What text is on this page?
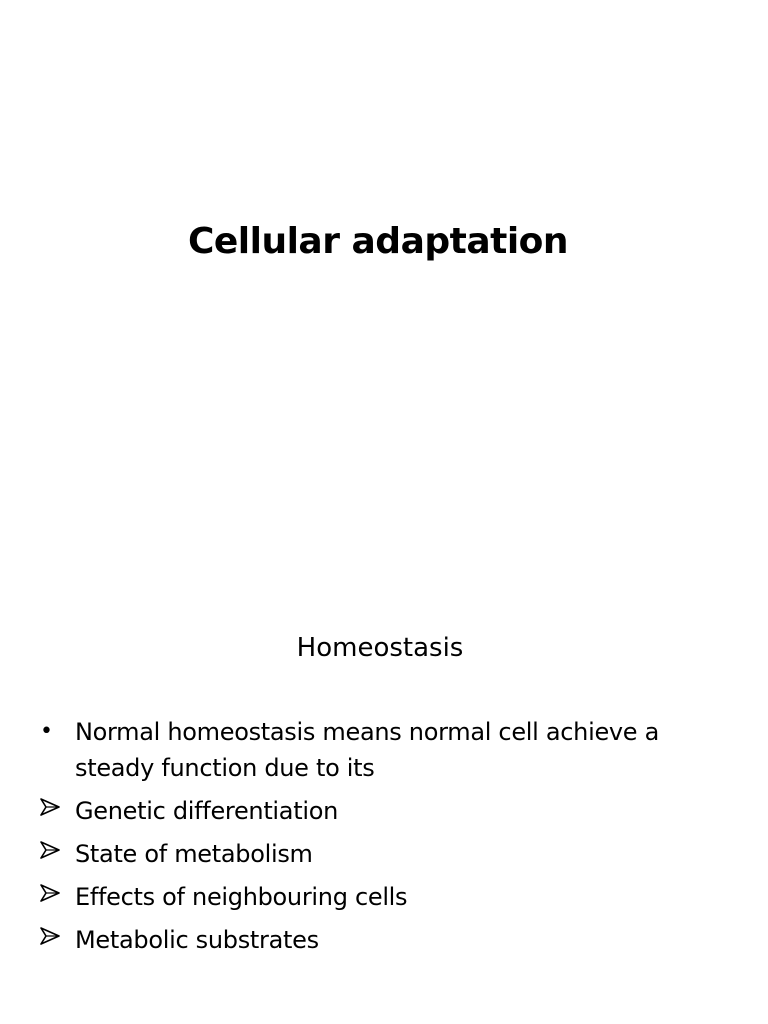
Cellular adaptation
Homeostasis
• Normal homeostasis means normal cell achieve a steady function due to its
Genetic differentiation
State of metabolism
Effects of neighbouring cells
Metabolic substrates
